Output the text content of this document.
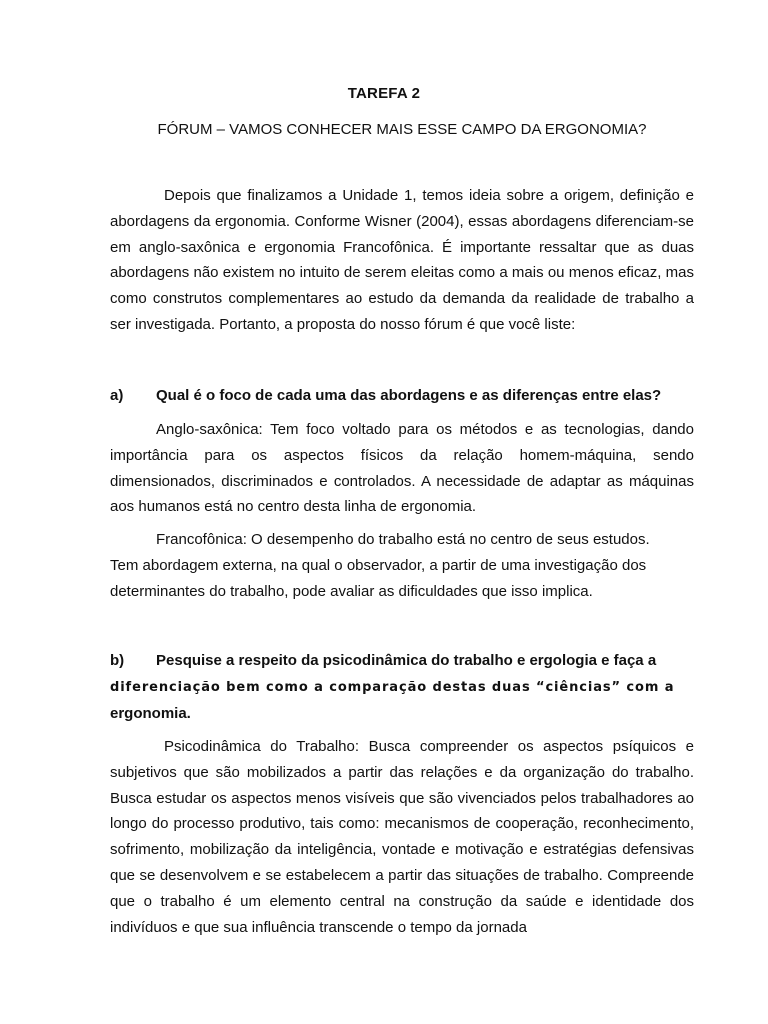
TAREFA 2
FÓRUM – VAMOS CONHECER MAIS ESSE CAMPO DA ERGONOMIA?

Depois que finalizamos a Unidade 1, temos ideia sobre a origem, definição e abordagens da ergonomia. Conforme Wisner (2004), essas abordagens diferenciam-se em anglo-saxônica e ergonomia Francofônica. É importante ressaltar que as duas abordagens não existem no intuito de serem eleitas como a mais ou menos eficaz, mas como construtos complementares ao estudo da demanda da realidade de trabalho a ser investigada. Portanto, a proposta do nosso fórum é que você liste:

a) Qual é o foco de cada uma das abordagens e as diferenças entre elas?

Anglo-saxônica: Tem foco voltado para os métodos e as tecnologias, dando importância para os aspectos físicos da relação homem-máquina, sendo dimensionados, discriminados e controlados. A necessidade de adaptar as máquinas aos humanos está no centro desta linha de ergonomia.

Francofônica: O desempenho do trabalho está no centro de seus estudos.

Tem abordagem externa, na qual o observador, a partir de uma investigação dos determinantes do trabalho, pode avaliar as dificuldades que isso implica.

b) Pesquise a respeito da psicodinâmica do trabalho e ergologia e faça a

diferenciação bem como a comparação destas duas “ciências” com a

ergonomia.

Psicodinâmica do Trabalho: Busca compreender os aspectos psíquicos e subjetivos que são mobilizados a partir das relações e da organização do trabalho. Busca estudar os aspectos menos visíveis que são vivenciados pelos trabalhadores ao longo do processo produtivo, tais como: mecanismos de cooperação, reconhecimento, sofrimento, mobilização da inteligência, vontade e motivação e estratégias defensivas que se desenvolvem e se estabelecem a partir das situações de trabalho. Compreende que o trabalho é um elemento central na construção da saúde e identidade dos indivíduos e que sua influência transcende o tempo da jornada
